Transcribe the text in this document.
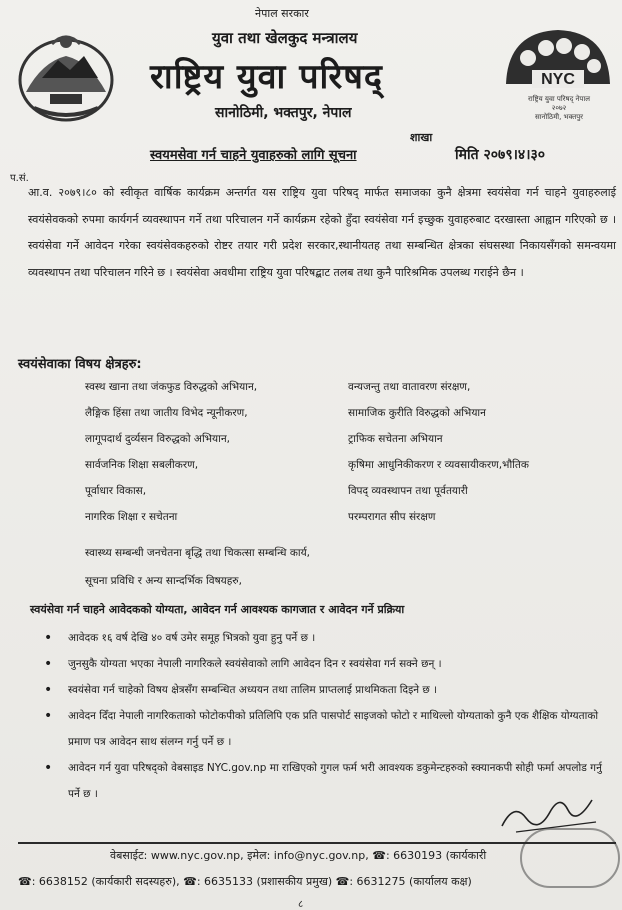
NYC
राष्ट्रिय युवा परिषद् नेपाल
२०७२
सानोठिमी, भक्तपुर
नेपाल सरकार
युवा तथा खेलकुद मन्त्रालय
राष्ट्रिय युवा परिषद्
सानोठिमी, भक्तपुर, नेपाल
शाखा
स्वयमसेवा गर्न चाहने युवाहरुको लागि सूचना	मिति २०७९।४।३०
प.सं.
आ.व. २०७९।८० को स्वीकृत वार्षिक कार्यक्रम अन्तर्गत यस राष्ट्रिय युवा परिषद् मार्फत समाजका कुनै क्षेत्रमा स्वयंसेवा गर्न चाहने युवाहरुलाई स्वयंसेवकको रुपमा कार्यगर्न व्यवस्थापन गर्ने तथा परिचालन गर्ने कार्यक्रम रहेको हुँदा स्वयंसेवा गर्न इच्छुक युवाहरुबाट दरखास्ता आह्वान गरिएको छ । स्वयंसेवा गर्ने आवेदन गरेका स्वयंसेवकहरुको रोष्टर तयार गरी प्रदेश सरकार,स्थानीयतह तथा सम्बन्धित क्षेत्रका संघसस्था निकायसँगको समन्वयमा व्यवस्थापन तथा परिचालन गरिने छ । स्वयंसेवा अवधीमा राष्ट्रिय युवा परिषद्बाट तलब तथा कुनै पारिश्रमिक उपलब्ध गराईने छैन ।
स्वयंसेवाका विषय क्षेत्रहरु:
स्वस्थ खाना तथा जंकफुड विरुद्धको अभियान,
लैङ्गिक हिंसा तथा जातीय विभेद न्यूनीकरण,
लागूपदार्थ दुर्व्यसन विरुद्धको अभियान,
सार्वजनिक शिक्षा सबलीकरण,
पूर्वाधार विकास,
नागरिक शिक्षा र सचेतना
वन्यजन्तु तथा वातावरण संरक्षण,
सामाजिक कुरीति विरुद्धको अभियान
ट्राफिक सचेतना अभियान
कृषिमा आधुनिकीकरण र व्यवसायीकरण,भौतिक
विपद् व्यवस्थापन तथा पूर्वतयारी
परम्परागत सीप संरक्षण
स्वास्थ्य सम्बन्धी जनचेतना बृद्धि तथा चिकत्सा सम्बन्धि कार्य,
सूचना प्रविधि र अन्य सान्दर्भिक विषयहरु,
स्वयंसेवा गर्न चाहने आवेदकको योग्यता, आवेदन गर्न आवश्यक कागजात र आवेदन गर्ने प्रक्रिया
• आवेदक १६ वर्ष देखि ४० वर्ष उमेर समूह भित्रको युवा हुनु पर्ने छ ।
• जुनसुकै योग्यता भएका नेपाली नागरिकले स्वयंसेवाको लागि आवेदन दिन र स्वयंसेवा गर्न सक्ने छन् ।
• स्वयंसेवा गर्न चाहेको विषय क्षेत्रसँग सम्बन्धित अध्ययन तथा तालिम प्राप्तलाई प्राथमिकता दिइने छ ।
• आवेदन दिँदा नेपाली नागरिकताको फोटोकपीको प्रतिलिपि एक प्रति पासपोर्ट साइजको फोटो र माथिल्लो योग्यताको कुनै एक शैक्षिक योग्यताको प्रमाण पत्र आवेदन साथ संलग्न गर्नु पर्ने छ ।
• आवेदन गर्न युवा परिषद्को वेबसाइड NYC.gov.np मा राखिएको गुगल फर्म भरी आवश्यक डकुमेन्टहरुको स्क्यानकपी सोही फर्मा अपलोड गर्नु पर्ने छ ।
वेबसाईट: www.nyc.gov.np, इमेल: info@nyc.gov.np, ☎: 6630193 (कार्यकारी
☎: 6638152 (कार्यकारी सदस्यहरु), ☎: 6635133 (प्रशासकीय प्रमुख) ☎: 6631275 (कार्यालय कक्ष)
८
